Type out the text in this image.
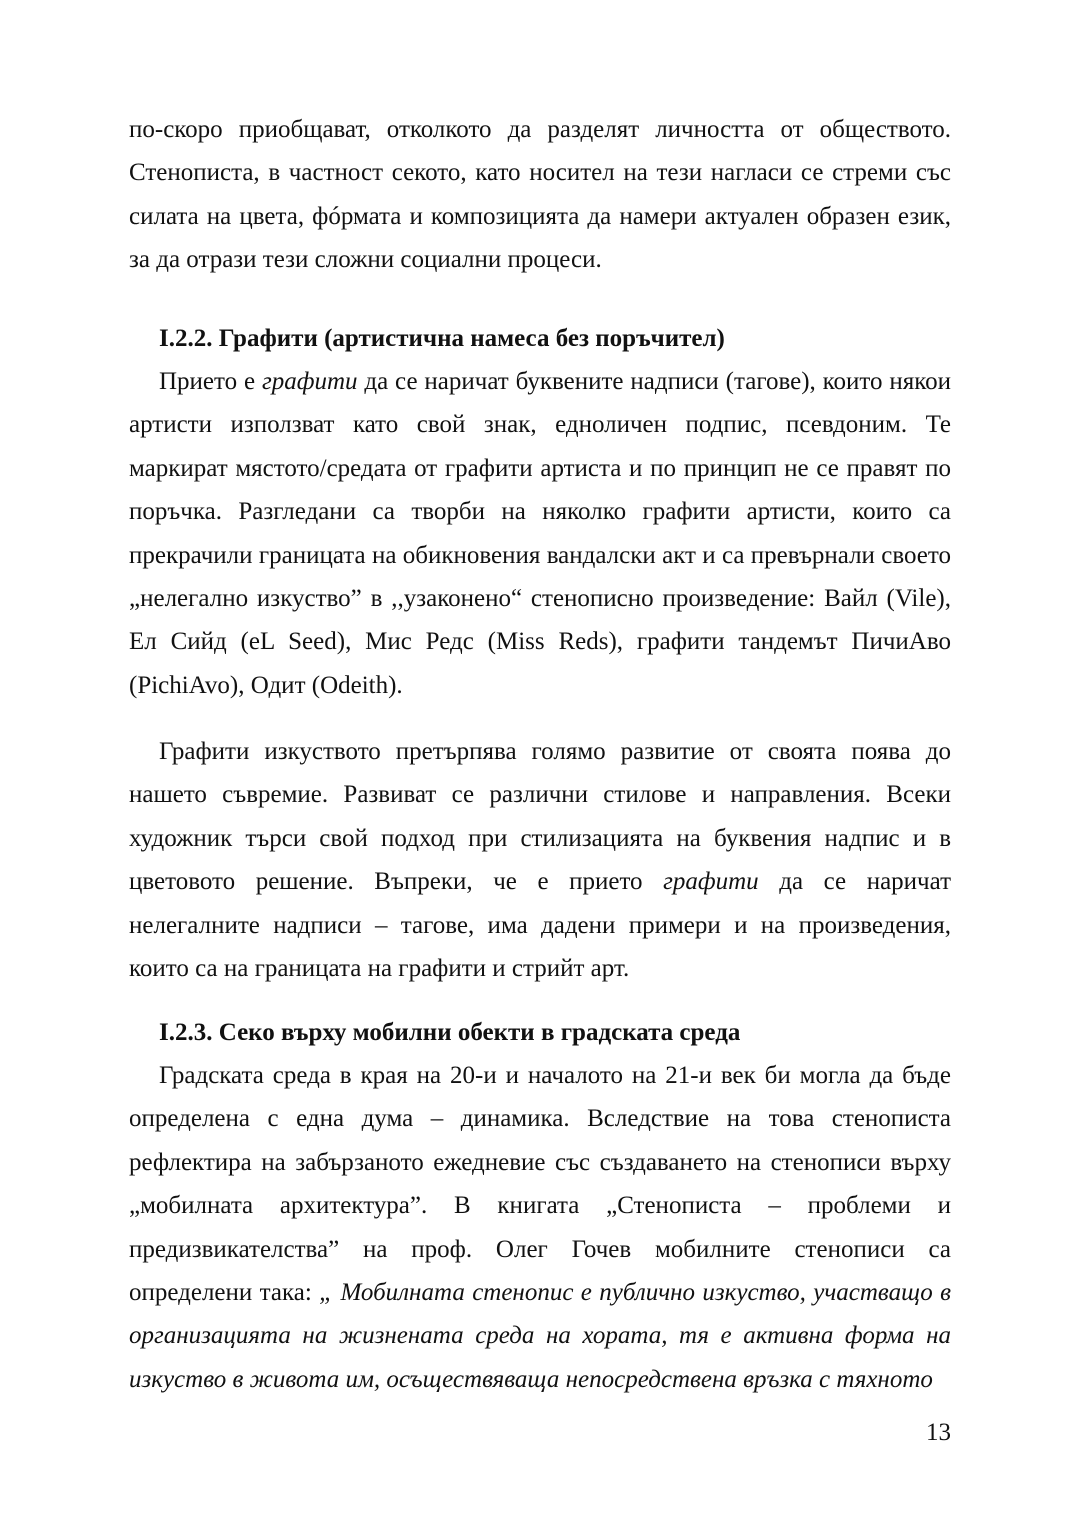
по-скоро приобщават, отколкото да разделят личността от обществото. Стенописта, в частност секото, като носител на тези нагласи се стреми със силата на цвета, фóрмата и композицията да намери актуален образен език, за да отрази тези сложни социални процеси.

I.2.2. Графити (артистична намеса без поръчител)

Прието е графити да се наричат буквените надписи (тагове), които някои артисти използват като свой знак, едноличен подпис, псевдоним. Те маркират мястото/средата от графити артиста и по принцип не се правят по поръчка. Разгледани са творби на няколко графити артисти, които са прекрачили границата на обикновения вандалски акт и са превърнали своето „нелегално изкуство” в ,,узаконено“ стенописно произведение: Вайл (Vile), Ел Сийд (eL Seed), Мис Редс (Miss Reds), графити тандемът ПичиАво (PichiAvo), Одит (Odeith).

Графити изкуството претърпява голямо развитие от своята поява до нашето съвремие. Развиват се различни стилове и направления. Всеки художник търси свой подход при стилизацията на буквения надпис и в цветовото решение. Въпреки, че е прието графити да се наричат нелегалните надписи – тагове, има дадени примери и на произведения, които са на границата на графити и стрийт арт.

I.2.3. Секо върху мобилни обекти в градската среда

Градската среда в края на 20-и и началото на 21-и век би могла да бъде определена с една дума – динамика. Вследствие на това стенописта рефлектира на забързаното ежедневие със създаването на стенописи върху „мобилната архитектура”. В книгата „Стенописта – проблеми и предизвикателства” на проф. Олег Гочев мобилните стенописи са определени така: „ Мобилната стенопис е публично изкуство, участващо в организацията на жизнената среда на хората, тя е активна форма на изкуство в живота им, осъществяваща непосредствена връзка с тяхното

13
